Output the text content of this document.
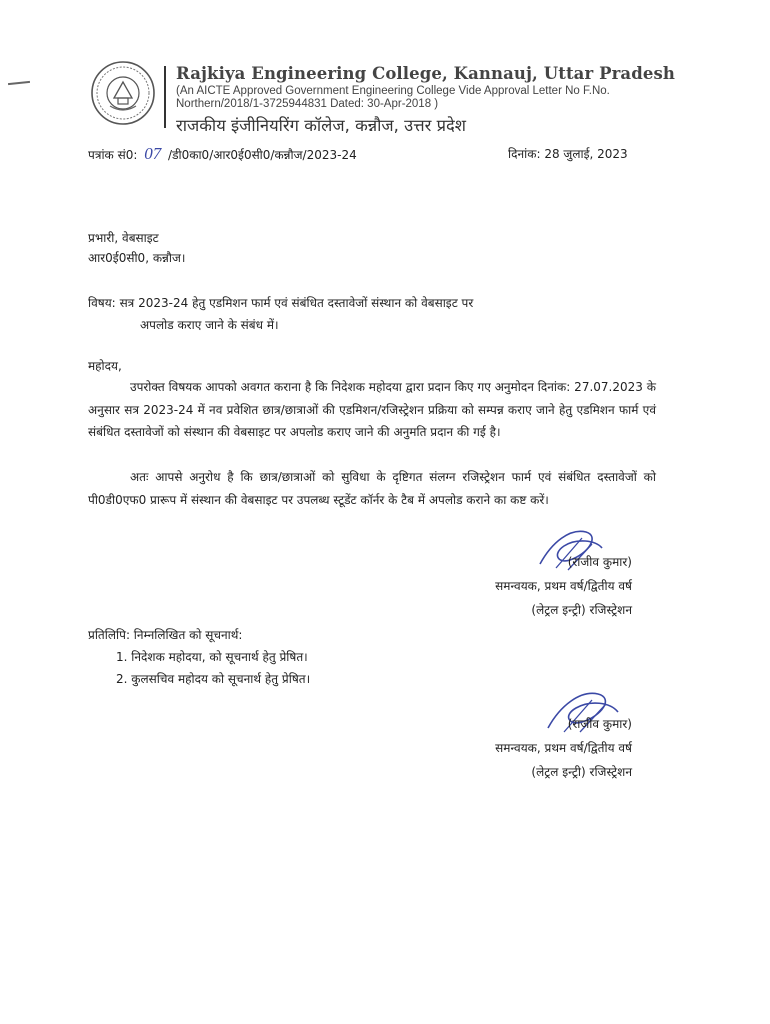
Rajkiya Engineering College, Kannauj, Uttar Pradesh
(An AICTE Approved Government Engineering College Vide Approval Letter No F.No.
Northern/2018/1-3725944831 Dated: 30-Apr-2018 )
राजकीय इंजीनियरिंग कॉलेज, कन्नौज, उत्तर प्रदेश
पत्रांक सं0: 07 /डी0का0/आर0ई0सी0/कन्नौज/2023-24	दिनांक: 28 जुलाई, 2023
प्रभारी, वेबसाइट
आर0ई0सी0, कन्नौज।
विषय: सत्र 2023-24 हेतु एडमिशन फार्म एवं संबंधित दस्तावेजों संस्थान को वेबसाइट पर
अपलोड कराए जाने के संबंध में।
महोदय,
उपरोक्त विषयक आपको अवगत कराना है कि निदेशक महोदया द्वारा प्रदान किए गए अनुमोदन दिनांक: 27.07.2023 के अनुसार सत्र 2023-24 में नव प्रवेशित छात्र/छात्राओं की एडमिशन/रजिस्ट्रेशन प्रक्रिया को सम्पन्न कराए जाने हेतु एडमिशन फार्म एवं संबंधित दस्तावेजों को संस्थान की वेबसाइट पर अपलोड कराए जाने की अनुमति प्रदान की गई है।
अतः आपसे अनुरोध है कि छात्र/छात्राओं को सुविधा के दृष्टिगत संलग्न रजिस्ट्रेशन फार्म एवं संबंधित दस्तावेजों को पी0डी0एफ0 प्रारूप में संस्थान की वेबसाइट पर उपलब्ध स्टूडेंट कॉर्नर के टैब में अपलोड कराने का कष्ट करें।
(राजीव कुमार)
समन्वयक, प्रथम वर्ष/द्वितीय वर्ष
(लेट्रल इन्ट्री) रजिस्ट्रेशन
प्रतिलिपि: निम्नलिखित को सूचनार्थ:
1. निदेशक महोदया, को सूचनार्थ हेतु प्रेषित।
2. कुलसचिव महोदय को सूचनार्थ हेतु प्रेषित।
(राजीव कुमार)
समन्वयक, प्रथम वर्ष/द्वितीय वर्ष
(लेट्रल इन्ट्री) रजिस्ट्रेशन
